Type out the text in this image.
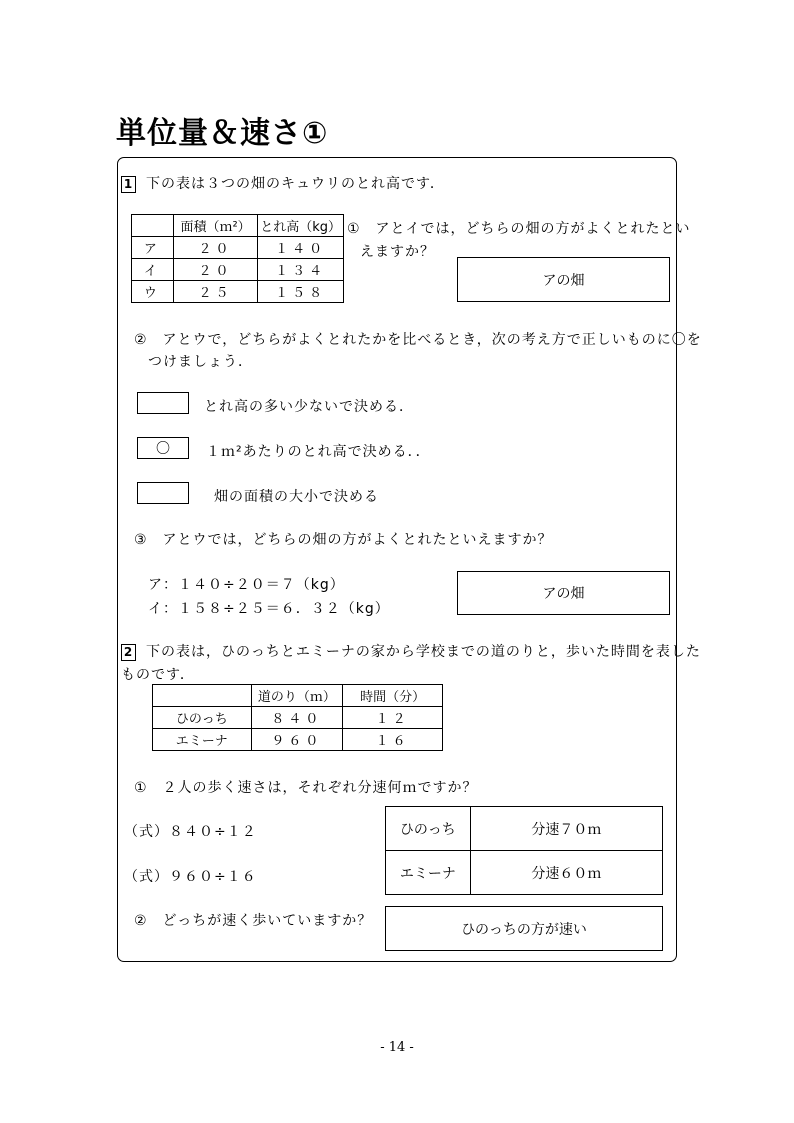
単位量＆速さ①
1 下の表は３つの畑のキュウリのとれ高です．
	面積（ｍ²）	とれ高（kg）
ア	２０	１４０
イ	２０	１３４
ウ	２５	１５８
①　アとイでは，どちらの畑の方がよくとれたとい
えますか？
アの畑
②　アとウで，どちらがよくとれたかを比べるとき，次の考え方で正しいものに〇を
つけましょう．
とれ高の多い少ないで決める．
〇	１ｍ²あたりのとれ高で決める．．
畑の面積の大小で決める
③　アとウでは，どちらの畑の方がよくとれたといえますか？
ア：１４０÷２０＝７（kg）
イ：１５８÷２５＝６．３２（kg）
アの畑
2 下の表は，ひのっちとエミーナの家から学校までの道のりと，歩いた時間を表した
ものです．
	道のり（ｍ）	時間（分）
ひのっち	８４０	１２
エミーナ	９６０	１６
①　２人の歩く速さは，それぞれ分速何ｍですか？
（式）８４０÷１２
（式）９６０÷１６
ひのっち	分速７０ｍ
エミーナ	分速６０ｍ
②　どっちが速く歩いていますか？
ひのっちの方が速い
- 14 -
